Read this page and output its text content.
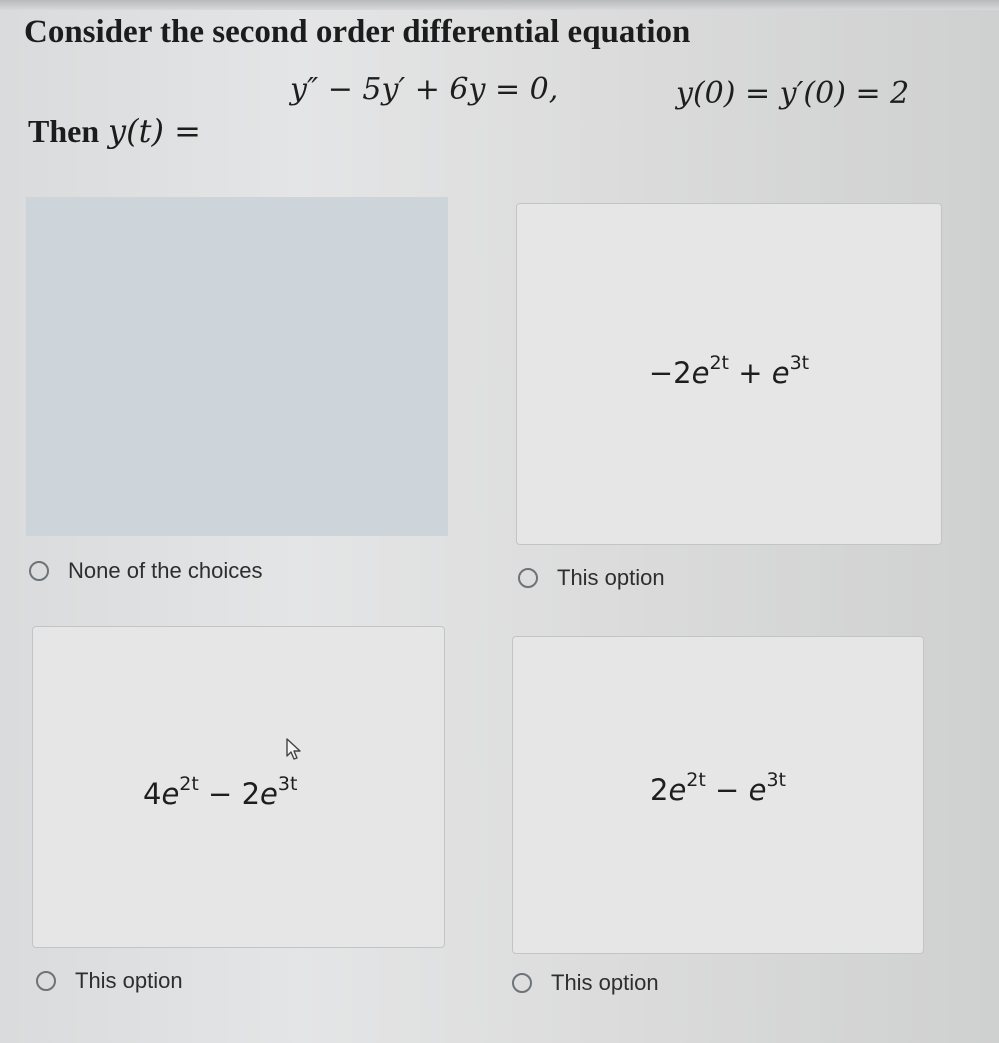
Consider the second order differential equation
y″ − 5y′ + 6y = 0,	y(0) = y′(0) = 2
Then y(t) =
None of the choices
$-2e^{2t} + e^{3t}$
This option
$4e^{2t} - 2e^{3t}$
This option
$2e^{2t} - e^{3t}$
This option
